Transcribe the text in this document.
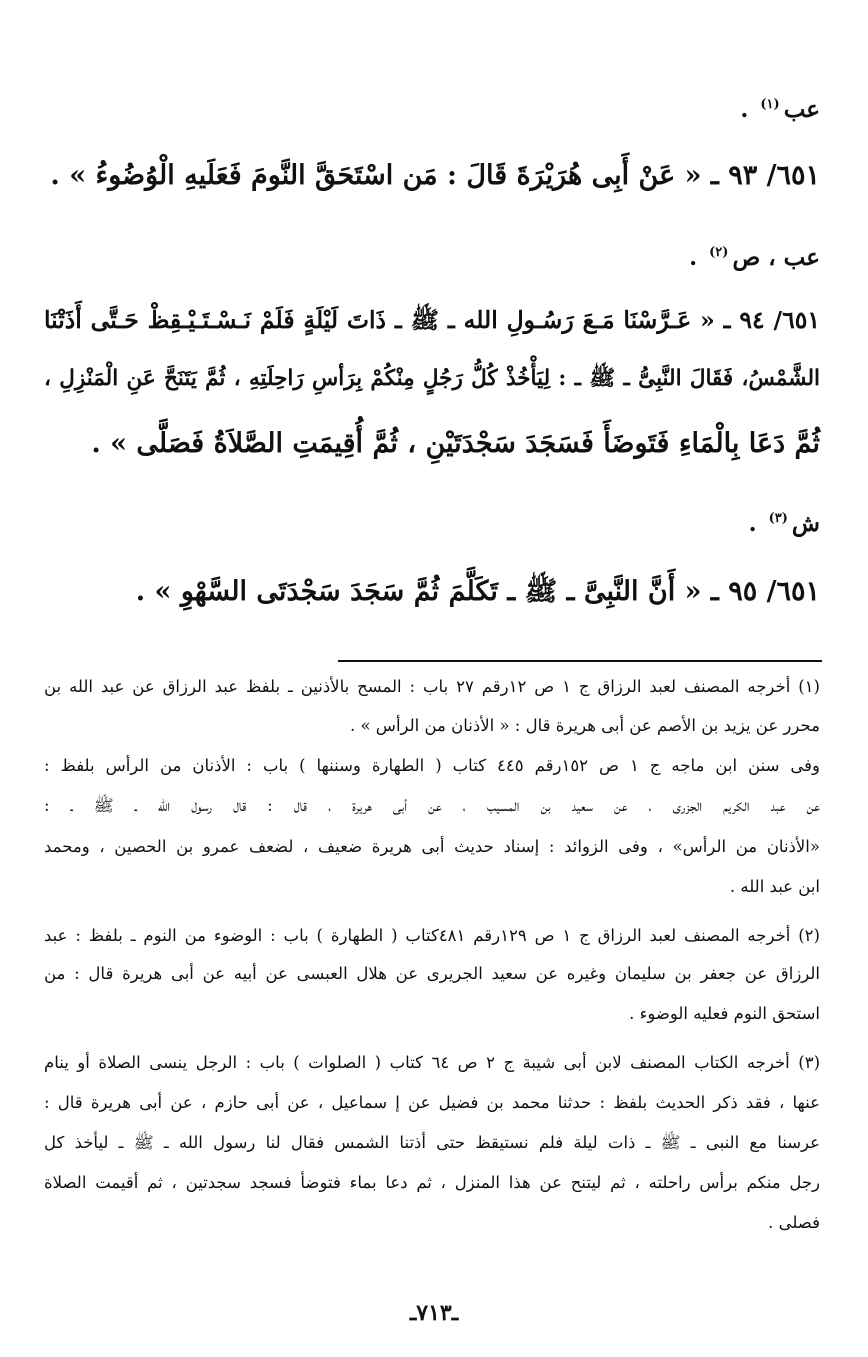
عب$^{(١)}$ .
٦٥١/ ٩٣ ـ « عَنْ أَبِى هُرَيْرَةَ قَالَ : مَن اسْتَحَقَّ النَّومَ فَعَلَيهِ الْوُضُوءُ » .
عب ، ص$^{(٢)}$ .
٦٥١/ ٩٤ ـ « عَـرَّسْنَا مَـعَ رَسُـولِ الله ـ ﷺ ـ ذَاتَ لَيْلَةٍ فَلَمْ نَـسْـتَـيْـقِظْ حَـتَّى أَذَتْنَا
الشَّمْسُ، فَقَالَ النَّبِىُّ ـ ﷺ ـ : لِيَأْخُذْ كُلُّ رَجُلٍ مِنْكُمْ بِرَأسِ رَاحِلَتِهِ ، ثُمَّ يَتَنَحَّ عَنِ الْمَنْزِلِ ،
ثُمَّ دَعَا بِالْمَاءِ فَتَوضَأَ فَسَجَدَ سَجْدَتَيْنِ ، ثُمَّ أُقِيمَتِ الصَّلاَةُ فَصَلَّى » .
ش$^{(٣)}$ .
٦٥١/ ٩٥ ـ « أَنَّ النَّبِىَّ ـ ﷺ ـ تَكَلَّمَ ثُمَّ سَجَدَ سَجْدَتَى السَّهْوِ » .
(١) أخرجه المصنف لعبد الرزاق ج ١ ص ١٢رقم ٢٧ باب : المسح بالأذنين ـ بلفظ عبد الرزاق عن عبد الله بن
محرر عن يزيد بن الأصم عن أبى هريرة قال : « الأذنان من الرأس » .
وفى سنن ابن ماجه ج ١ ص ١٥٢رقم ٤٤٥ كتاب ( الطهارة وسننها ) باب : الأذنان من الرأس بلفظ :
عن عبد الكريم الجزرى ، عن سعيد بن المسيب ، عن أبى هريرة ، قال : قال رسول الله ـ ﷺ ـ :
«الأذنان من الرأس» ، وفى الزوائد : إسناد حديث أبى هريرة ضعيف ، لضعف عمرو بن الحصين ، ومحمد
ابن عبد الله .
(٢) أخرجه المصنف لعبد الرزاق ج ١ ص ١٢٩رقم ٤٨١كتاب ( الطهارة ) باب : الوضوء من النوم ـ بلفظ : عبد
الرزاق عن جعفر بن سليمان وغيره عن سعيد الجريرى عن هلال العبسى عن أبيه عن أبى هريرة قال : من
استحق النوم فعليه الوضوء .
(٣) أخرجه الكتاب المصنف لابن أبى شيبة ج ٢ ص ٦٤ كتاب ( الصلوات ) باب : الرجل ينسى الصلاة أو ينام
عنها ، فقد ذكر الحديث بلفظ : حدثنا محمد بن فضيل عن إ سماعيل ، عن أبى حازم ، عن أبى هريرة قال :
عرسنا مع النبى ـ ﷺ ـ ذات ليلة فلم نستيقظ حتى أذتنا الشمس فقال لنا رسول الله ـ ﷺ ـ ليأخذ كل
رجل منكم برأس راحلته ، ثم ليتنح عن هذا المنزل ، ثم دعا بماء فتوضأ فسجد سجدتين ، ثم أقيمت الصلاة
فصلى .
ـ٧١٣ـ
